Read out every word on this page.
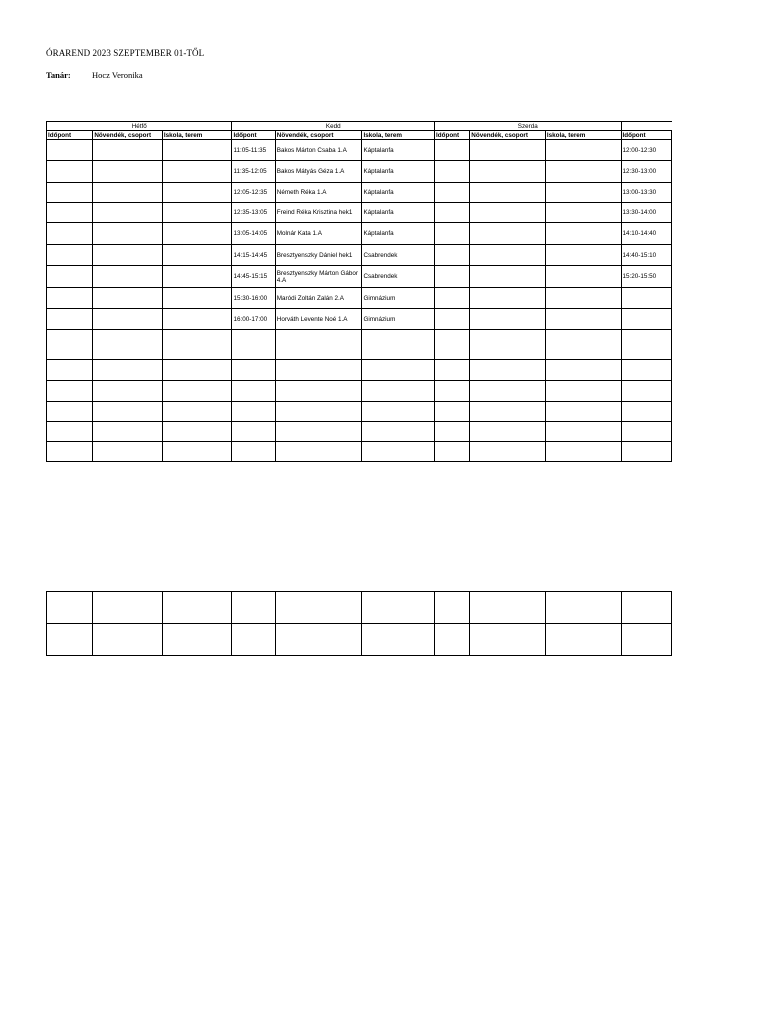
ÓRAREND 2023 SZEPTEMBER 01-TŐL
Tanár:	Hocz Veronika
Hétfő			Kedd			Szerda			
Időpont	Növendék, csoport	Iskola, terem	Időpont	Növendék, csoport	Iskola, terem	Időpont	Növendék, csoport	Iskola, terem	Időpont
			11:05-11:35	Bakos Márton Csaba 1.A	Káptalanfa				12:00-12:30
			11:35-12:05	Bakos Mátyás Géza 1.A	Káptalanfa				12:30-13:00
			12:05-12:35	Németh Réka 1.A	Káptalanfa				13:00-13:30
			12:35-13:05	Freind Réka Krisztina hek1	Káptalanfa				13:30-14:00
			13:05-14:05	Molnár Kata 1.A	Káptalanfa				14:10-14:40
			14:15-14:45	Bresztyenszky Dániel hek1	Csabrendek				14:40-15:10
			14:45-15:15	Bresztyenszky Márton Gábor 4.A	Csabrendek				15:20-15:50
			15:30-16:00	Maródi Zoltán Zalán 2.A	Gimnázium				
			16:00-17:00	Horváth Levente Noé 1.A	Gimnázium				
